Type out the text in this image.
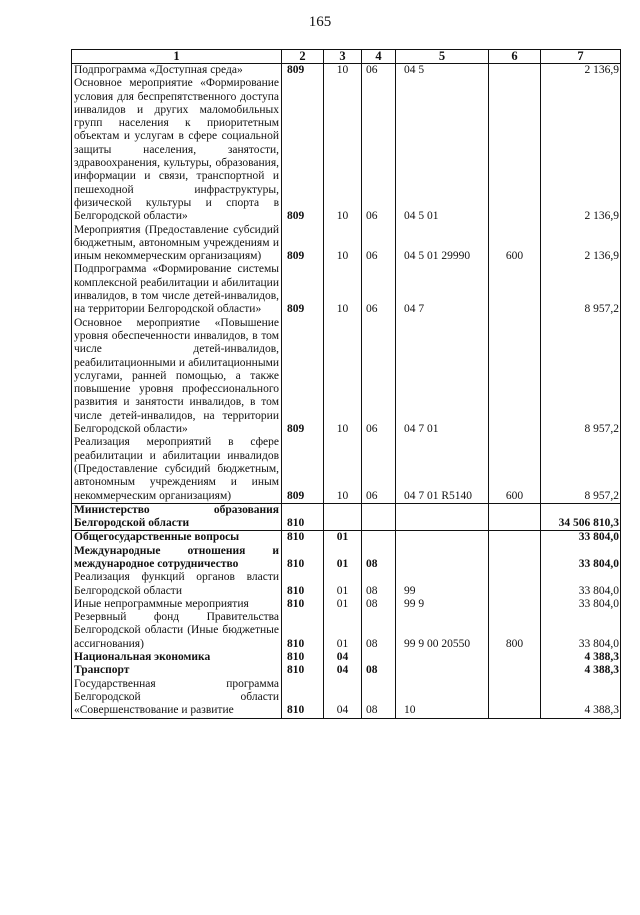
165
1	2	3	4	5	6	7
Подпрограмма «Доступная среда»	809	10	06	04 5		2 136,9
Основное мероприятие «Формирование условия для беспрепятственного доступа инвалидов и других маломобильных групп населения к приоритетным объектам и услугам в сфере социальной защиты населения, занятости, здравоохранения, культуры, образования, информации и связи, транспортной и пешеходной инфраструктуры, физической культуры и спорта в Белгородской области»	809	10	06	04 5 01		2 136,9
Мероприятия (Предоставление субсидий бюджетным, автономным учреждениям и иным некоммерческим организациям)	809	10	06	04 5 01 29990	600	2 136,9
Подпрограмма «Формирование системы комплексной реабилитации и абилитации инвалидов, в том числе детей-инвалидов, на территории Белгородской области»	809	10	06	04 7		8 957,2
Основное мероприятие «Повышение уровня обеспеченности инвалидов, в том числе детей-инвалидов, реабилитационными и абилитационными услугами, ранней помощью, а также повышение уровня профессионального развития и занятости инвалидов, в том числе детей-инвалидов, на территории Белгородской области»	809	10	06	04 7 01		8 957,2
Реализация мероприятий в сфере реабилитации и абилитации инвалидов (Предоставление субсидий бюджетным, автономным учреждениям и иным некоммерческим организациям)	809	10	06	04 7 01 R5140	600	8 957,2
Министерство образования Белгородской области	810					34 506 810,3
Общегосударственные вопросы	810	01				33 804,0
Международные отношения и международное сотрудничество	810	01	08			33 804,0
Реализация функций органов власти Белгородской области	810	01	08	99		33 804,0
Иные непрограммные мероприятия	810	01	08	99 9		33 804,0
Резервный фонд Правительства Белгородской области (Иные бюджетные ассигнования)	810	01	08	99 9 00 20550	800	33 804,0
Национальная экономика	810	04				4 388,3
Транспорт	810	04	08			4 388,3
Государственная программа Белгородской области «Совершенствование и развитие	810	04	08	10		4 388,3
